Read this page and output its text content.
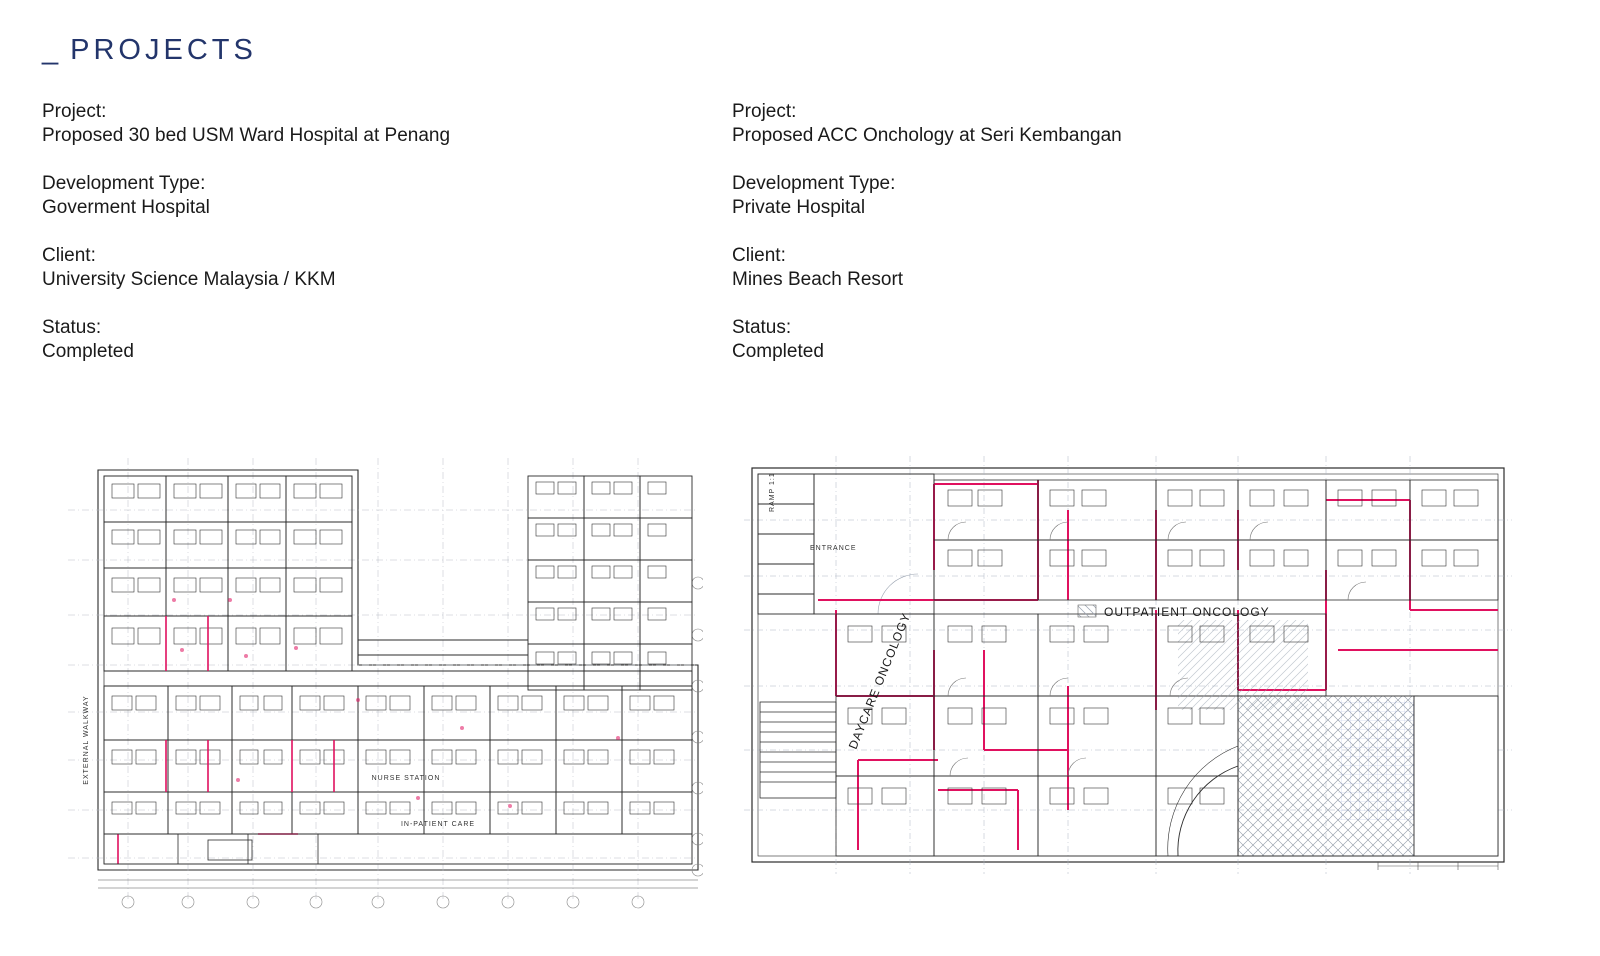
_ PROJECTS
Project:
Proposed 30 bed USM Ward Hospital at Penang
Development Type:
Goverment Hospital
Client:
University Science Malaysia / KKM
Status:
Completed
Project:
Proposed ACC Onchology at Seri Kembangan
Development Type:
Private Hospital
Client:
Mines Beach Resort
Status:
Completed
IN-PATIENT CARE
EXTERNAL WALKWAY	NURSE STATION
RAMP 1:1
ENTRANCE
OUTPATIENT ONCOLOGY
DAYCARE ONCOLOGY
